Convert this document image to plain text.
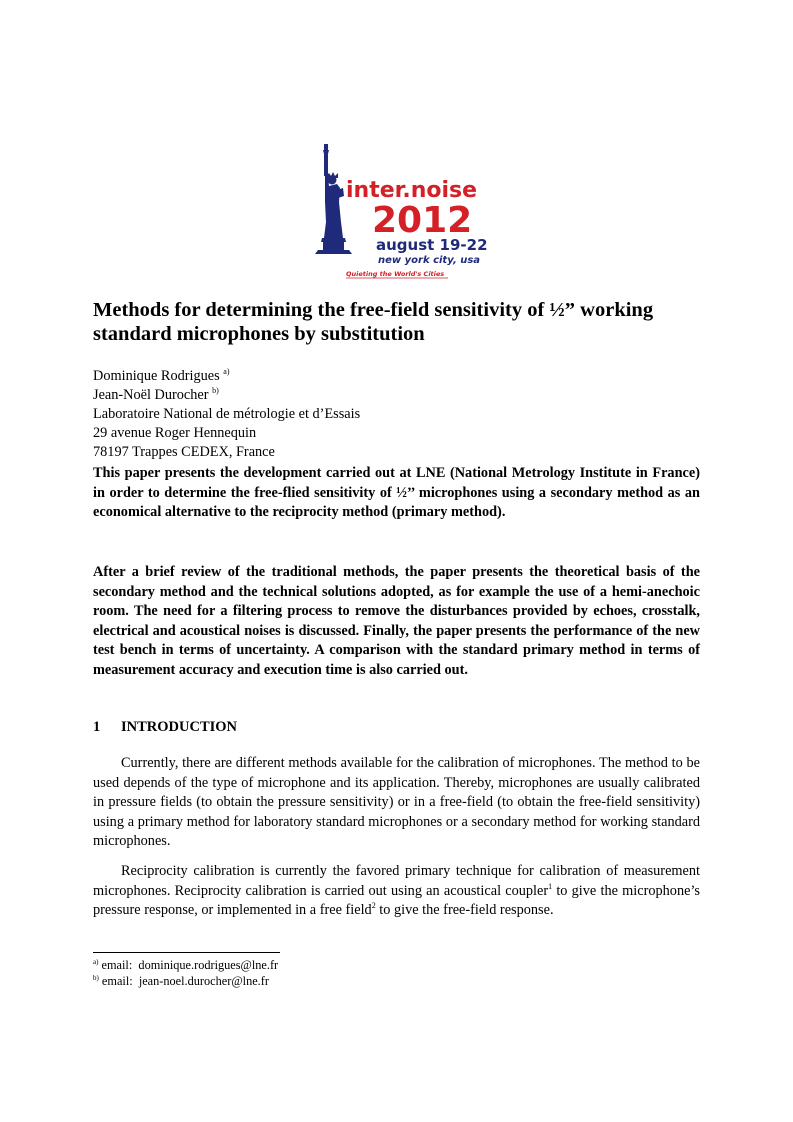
inter.noise
2012
august 19-22
new york city, usa
Quieting the World's Cities
Methods for determining the free-field sensitivity of ½” working standard microphones by substitution
Dominique Rodrigues $^{a)}$
Jean-Noël Durocher $^{b)}$
Laboratoire National de métrologie et d’Essais
29 avenue Roger Hennequin
78197 Trappes CEDEX, France

This paper presents the development carried out at LNE (National Metrology Institute in France) in order to determine the free-flied sensitivity of ½’’ microphones using a secondary method as an economical alternative to the reciprocity method (primary method).

After a brief review of the traditional methods, the paper presents the theoretical basis of the secondary method and the technical solutions adopted, as for example the use of a hemi-anechoic room. The need for a filtering process to remove the disturbances provided by echoes, crosstalk, electrical and acoustical noises is discussed. Finally, the paper presents the performance of the new test bench in terms of uncertainty. A comparison with the standard primary method in terms of measurement accuracy and execution time is also carried out.

1 INTRODUCTION

Currently, there are different methods available for the calibration of microphones. The method to be used depends of the type of microphone and its application. Thereby, microphones are usually calibrated in pressure fields (to obtain the pressure sensitivity) or in a free-field (to obtain the free-field sensitivity) using a primary method for laboratory standard microphones or a secondary method for working standard microphones.

Reciprocity calibration is currently the favored primary technique for calibration of measurement microphones. Reciprocity calibration is carried out using an acoustical coupler$^1$ to give the microphone’s pressure response, or implemented in a free field$^2$ to give the free-field response.

$^{a)}$ email: dominique.rodrigues@lne.fr
$^{b)}$ email: jean-noel.durocher@lne.fr
